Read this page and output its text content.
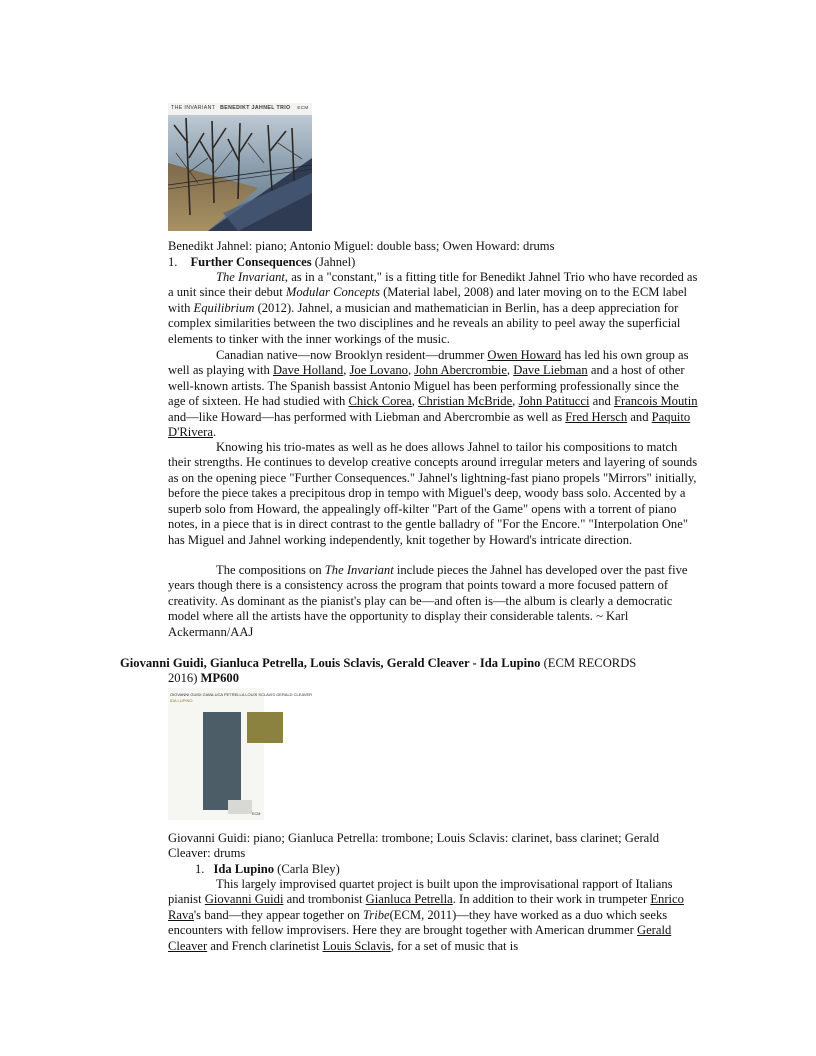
THE INVARIANT BENEDIKT JAHNEL TRIO ECM
Benedikt Jahnel: piano; Antonio Miguel: double bass; Owen Howard: drums
1. Further Consequences (Jahnel)
The Invariant, as in a "constant," is a fitting title for Benedikt Jahnel Trio who have recorded as a unit since their debut Modular Concepts (Material label, 2008) and later moving on to the ECM label with Equilibrium (2012). Jahnel, a musician and mathematician in Berlin, has a deep appreciation for complex similarities between the two disciplines and he reveals an ability to peel away the superficial elements to tinker with the inner workings of the music.
Canadian native—now Brooklyn resident—drummer Owen Howard has led his own group as well as playing with Dave Holland, Joe Lovano, John Abercrombie, Dave Liebman and a host of other well-known artists. The Spanish bassist Antonio Miguel has been performing professionally since the age of sixteen. He had studied with Chick Corea, Christian McBride, John Patitucci and Francois Moutin and—like Howard—has performed with Liebman and Abercrombie as well as Fred Hersch and Paquito D'Rivera.
Knowing his trio-mates as well as he does allows Jahnel to tailor his compositions to match their strengths. He continues to develop creative concepts around irregular meters and layering of sounds as on the opening piece "Further Consequences." Jahnel's lightning-fast piano propels "Mirrors" initially, before the piece takes a precipitous drop in tempo with Miguel's deep, woody bass solo. Accented by a superb solo from Howard, the appealingly off-kilter "Part of the Game" opens with a torrent of piano notes, in a piece that is in direct contrast to the gentle balladry of "For the Encore." "Interpolation One" has Miguel and Jahnel working independently, knit together by Howard's intricate direction.
The compositions on The Invariant include pieces the Jahnel has developed over the past five years though there is a consistency across the program that points toward a more focused pattern of creativity. As dominant as the pianist's play can be—and often is—the album is clearly a democratic model where all the artists have the opportunity to display their considerable talents. ~ Karl Ackermann/AAJ
Giovanni Guidi, Gianluca Petrella, Louis Sclavis, Gerald Cleaver - Ida Lupino (ECM RECORDS
2016) MP600
GIOVANNI GUIDI GIANLUCA PETRELLA LOUIS SCLAVIS GERALD CLEAVER
IDA LUPINO
ECM
Giovanni Guidi: piano; Gianluca Petrella: trombone; Louis Sclavis: clarinet, bass clarinet; Gerald Cleaver: drums
1. Ida Lupino (Carla Bley)
This largely improvised quartet project is built upon the improvisational rapport of Italians pianist Giovanni Guidi and trombonist Gianluca Petrella. In addition to their work in trumpeter Enrico Rava's band—they appear together on Tribe(ECM, 2011)—they have worked as a duo which seeks encounters with fellow improvisers. Here they are brought together with American drummer Gerald Cleaver and French clarinetist Louis Sclavis, for a set of music that is
